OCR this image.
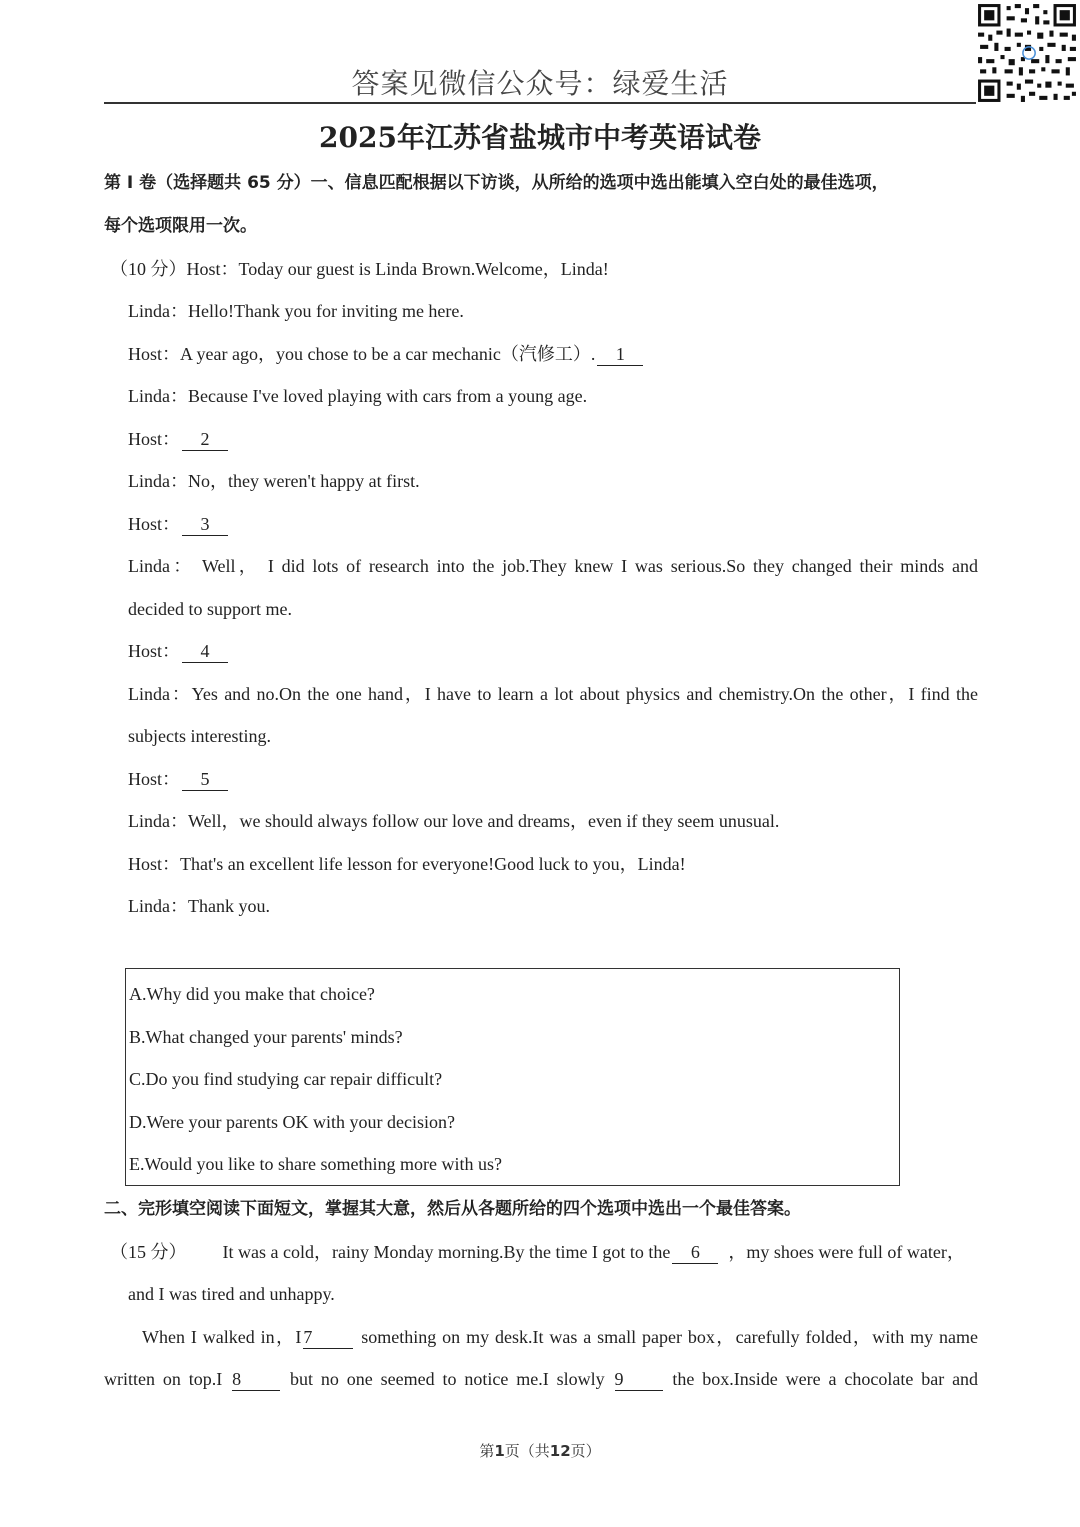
答案见微信公众号：绿爱生活
2025年江苏省盐城市中考英语试卷
第 I 卷（选择题共 65 分）一、信息匹配根据以下访谈，从所给的选项中选出能填入空白处的最佳选项，
每个选项限用一次。
（10 分）Host：Today our guest is Linda Brown.Welcome，Linda!
Linda：Hello!Thank you for inviting me here.
Host：A year ago，you chose to be a car mechanic（汽修工）. 1
Linda：Because I've loved playing with cars from a young age.
Host： 2
Linda：No，they weren't happy at first.
Host： 3
Linda： Well， I did lots of research into the job.They knew I was serious.So they changed their minds and
decided to support me.
Host： 4
Linda：Yes and no.On the one hand，I have to learn a lot about physics and chemistry.On the other，I find the
subjects interesting.
Host： 5
Linda：Well，we should always follow our love and dreams，even if they seem unusual.
Host：That's an excellent life lesson for everyone!Good luck to you，Linda!
Linda：Thank you.
A.Why did you make that choice?
B.What changed your parents' minds?
C.Do you find studying car repair difficult?
D.Were your parents OK with your decision?
E.Would you like to share something more with us?
二、完形填空阅读下面短文，掌握其大意，然后从各题所给的四个选项中选出一个最佳答案。
（15 分） It was a cold，rainy Monday morning.By the time I got to the 6 ，my shoes were full of water，
and I was tired and unhappy.
When I walked in，I 7	something on my desk.It was a small paper box，carefully folded，with my name
written on top.I 8	but no one seemed to notice me.I slowly 9	the box.Inside were a chocolate bar and
第1页（共12页）
